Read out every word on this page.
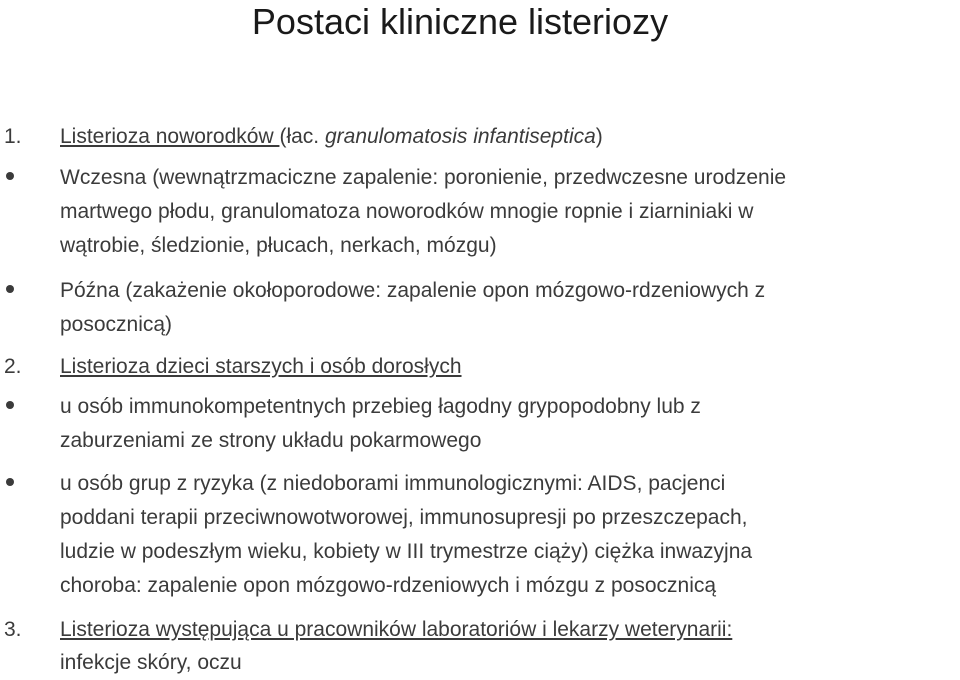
Postaci kliniczne listeriozy
1. Listerioza noworodków (łac. granulomatosis infantiseptica)
Wczesna (wewnątrzmaciczne zapalenie: poronienie, przedwczesne urodzenie
martwego płodu, granulomatoza noworodków mnogie ropnie i ziarniniaki w
wątrobie, śledzionie, płucach, nerkach, mózgu)
Późna (zakażenie okołoporodowe: zapalenie opon mózgowo-rdzeniowych z
posocznicą)
2. Listerioza dzieci starszych i osób dorosłych
u osób immunokompetentnych przebieg łagodny grypopodobny lub z
zaburzeniami ze strony układu pokarmowego
u osób grup z ryzyka (z niedoborami immunologicznymi: AIDS, pacjenci
poddani terapii przeciwnowotworowej, immunosupresji po przeszczepach,
ludzie w podeszłym wieku, kobiety w III trymestrze ciąży) ciężka inwazyjna
choroba: zapalenie opon mózgowo-rdzeniowych i mózgu z posocznicą
3. Listerioza występująca u pracowników laboratoriów i lekarzy weterynarii:
infekcje skóry, oczu
